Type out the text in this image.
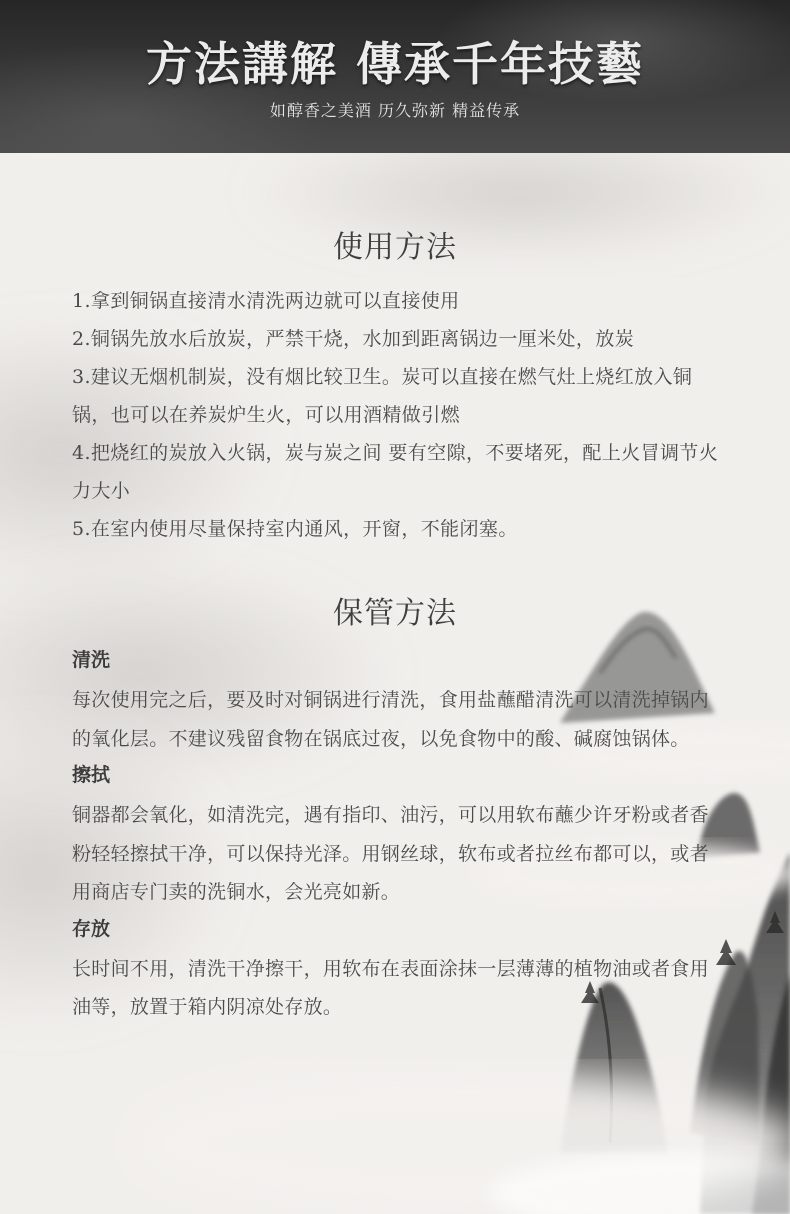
方法講解 傳承千年技藝
如醇香之美酒 历久弥新 精益传承
使用方法
1.拿到铜锅直接清水清洗两边就可以直接使用
2.铜锅先放水后放炭，严禁干烧，水加到距离锅边一厘米处，放炭
3.建议无烟机制炭，没有烟比较卫生。炭可以直接在燃气灶上烧红放入铜锅，也可以在养炭炉生火，可以用酒精做引燃
4.把烧红的炭放入火锅，炭与炭之间 要有空隙，不要堵死，配上火冒调节火力大小
5.在室内使用尽量保持室内通风，开窗，不能闭塞。
保管方法

清洗

每次使用完之后，要及时对铜锅进行清洗，食用盐蘸醋清洗可以清洗掉锅内的氧化层。不建议残留食物在锅底过夜，以免食物中的酸、碱腐蚀锅体。

擦拭

铜器都会氧化，如清洗完，遇有指印、油污，可以用软布蘸少许牙粉或者香粉轻轻擦拭干净，可以保持光泽。用钢丝球，软布或者拉丝布都可以，或者用商店专门卖的洗铜水，会光亮如新。

存放

长时间不用，清洗干净擦干，用软布在表面涂抹一层薄薄的植物油或者食用油等，放置于箱内阴凉处存放。
